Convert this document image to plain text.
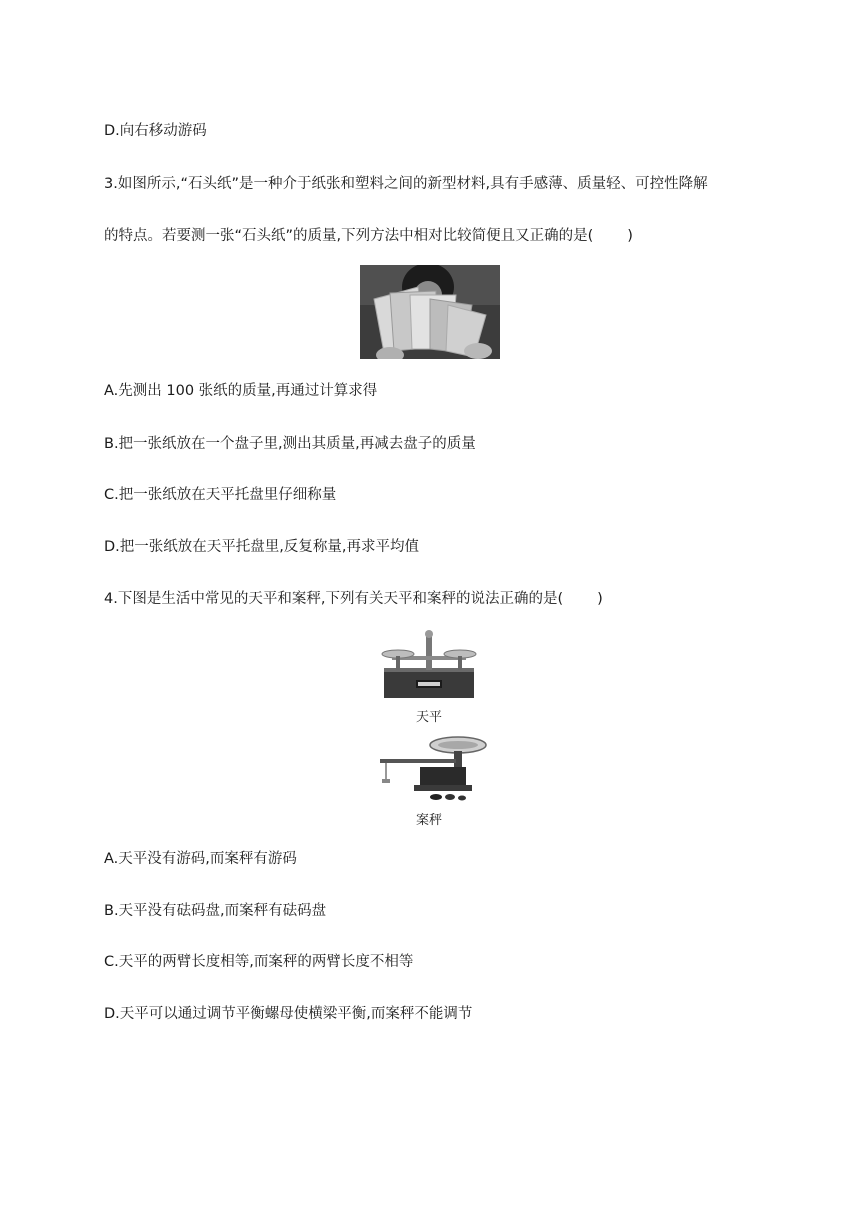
D.向右移动游码
3.如图所示,“石头纸”是一种介于纸张和塑料之间的新型材料,具有手感薄、质量轻、可控性降解
的特点。若要测一张“石头纸”的质量,下列方法中相对比较简便且又正确的是( )
A.先测出 100 张纸的质量,再通过计算求得
B.把一张纸放在一个盘子里,测出其质量,再减去盘子的质量
C.把一张纸放在天平托盘里仔细称量
D.把一张纸放在天平托盘里,反复称量,再求平均值
4.下图是生活中常见的天平和案秤,下列有关天平和案秤的说法正确的是( )
天平
案秤
A.天平没有游码,而案秤有游码
B.天平没有砝码盘,而案秤有砝码盘
C.天平的两臂长度相等,而案秤的两臂长度不相等
D.天平可以通过调节平衡螺母使横梁平衡,而案秤不能调节
